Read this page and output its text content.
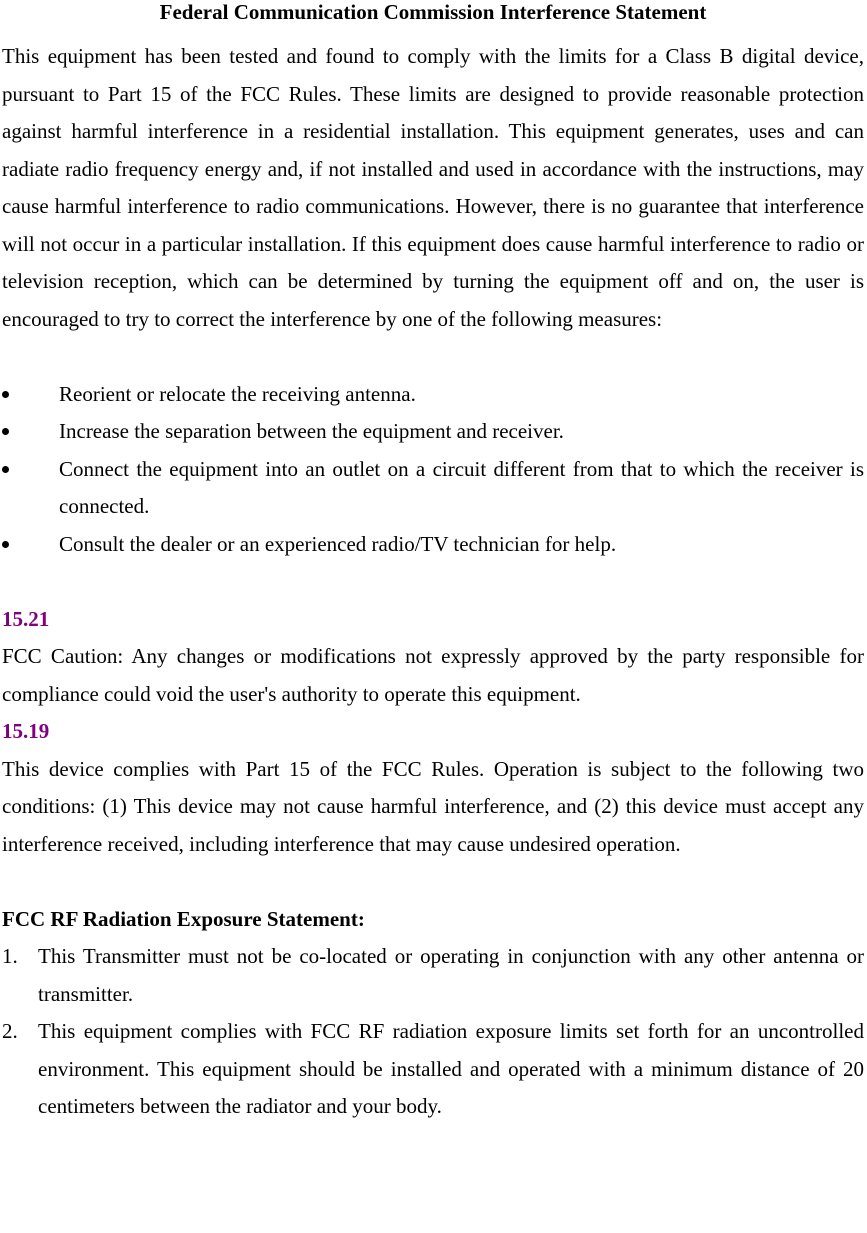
Federal Communication Commission Interference Statement

This equipment has been tested and found to comply with the limits for a Class B digital device, pursuant to Part 15 of the FCC Rules. These limits are designed to provide reasonable protection against harmful interference in a residential installation. This equipment generates, uses and can radiate radio frequency energy and, if not installed and used in accordance with the instructions, may cause harmful interference to radio communications. However, there is no guarantee that interference will not occur in a particular installation. If this equipment does cause harmful interference to radio or television reception, which can be determined by turning the equipment off and on, the user is encouraged to try to correct the interference by one of the following measures:

Reorient or relocate the receiving antenna.
Increase the separation between the equipment and receiver.
Connect the equipment into an outlet on a circuit different from that to which the receiver is connected.
Consult the dealer or an experienced radio/TV technician for help.

15.21

FCC Caution: Any changes or modifications not expressly approved by the party responsible for compliance could void the user's authority to operate this equipment.

15.19

This device complies with Part 15 of the FCC Rules. Operation is subject to the following two conditions: (1) This device may not cause harmful interference, and (2) this device must accept any interference received, including interference that may cause undesired operation.

FCC RF Radiation Exposure Statement:

1. This Transmitter must not be co-located or operating in conjunction with any other antenna or transmitter.
2. This equipment complies with FCC RF radiation exposure limits set forth for an uncontrolled environment. This equipment should be installed and operated with a minimum distance of 20 centimeters between the radiator and your body.
